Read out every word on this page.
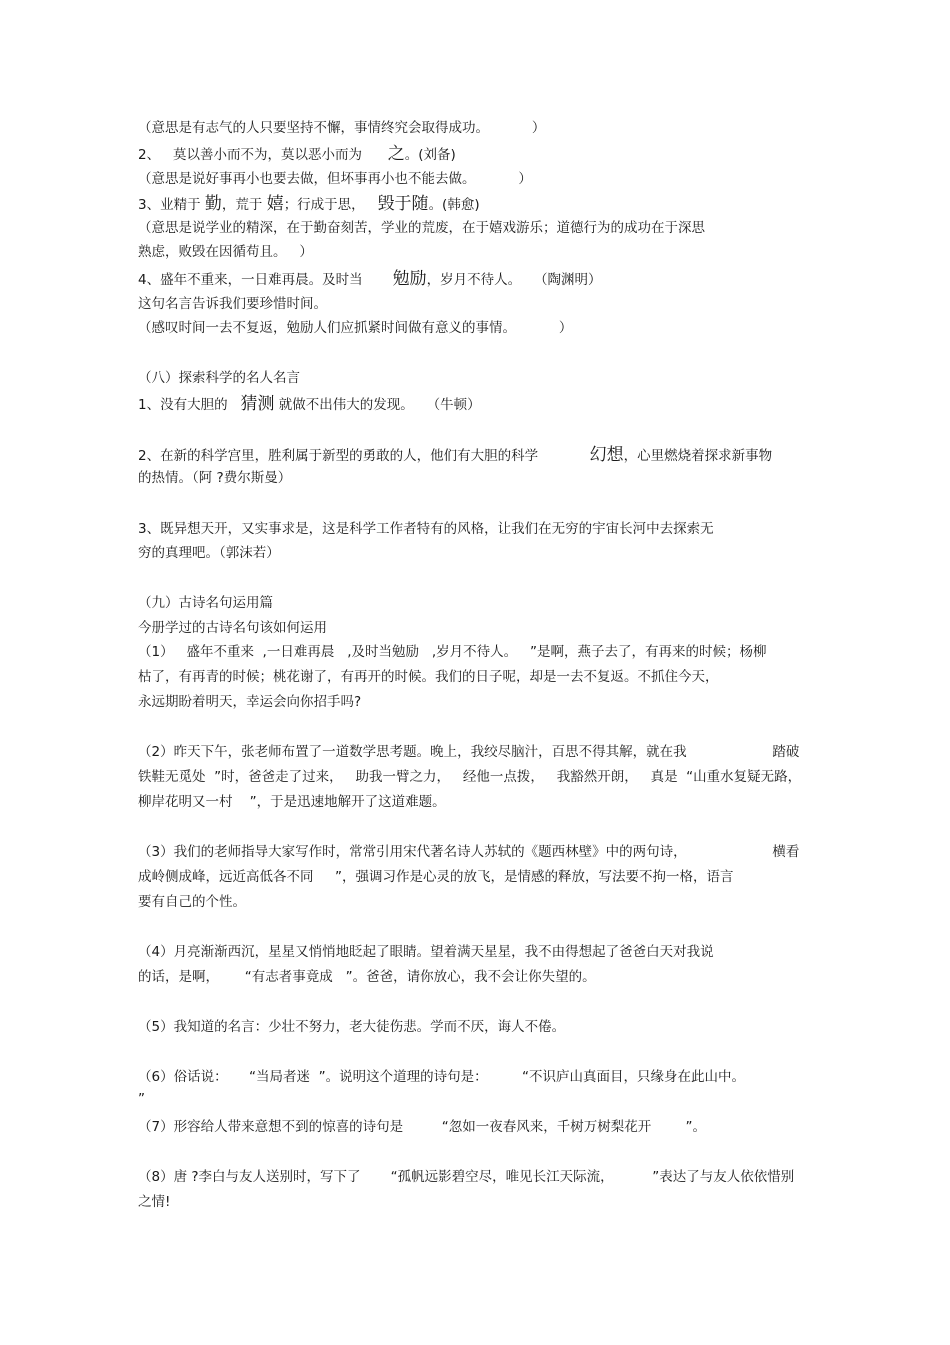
（意思是有志气的人只要坚持不懈，事情终究会取得成功。          ）
2、   莫以善小而不为，莫以恶小而为      之。(刘备)
（意思是说好事再小也要去做，但坏事再小也不能去做。          ）
3、业精于 勤，荒于 嬉；行成于思，   毁于随。(韩愈)
（意思是说学业的精深，在于勤奋刻苦，学业的荒废，在于嬉戏游乐；道德行为的成功在于深思
熟虑，败毁在因循苟且。   ）
4、盛年不重来，一日难再晨。及时当       勉励，岁月不待人。   （陶渊明）
这句名言告诉我们要珍惜时间。
（感叹时间一去不复返，勉励人们应抓紧时间做有意义的事情。          ）
（八）探索科学的名人名言
1、没有大胆的   猜测 就做不出伟大的发现。   （牛顿）
2、在新的科学宫里，胜利属于新型的勇敢的人，他们有大胆的科学            幻想，心里燃烧着探求新事物
的热情。（阿 ?费尔斯曼）
3、既异想天开，又实事求是，这是科学工作者特有的风格，让我们在无穷的宇宙长河中去探索无
穷的真理吧。（郭沫若）
（九）古诗名句运用篇
今册学过的古诗名句该如何运用
（1）   盛年不重来  ,一日难再晨   ,及时当勉励   ,岁月不待人。   ”是啊，燕子去了，有再来的时候；杨柳
枯了，有再青的时候；桃花谢了，有再开的时候。我们的日子呢，却是一去不复返。不抓住今天，
永远期盼着明天，幸运会向你招手吗?
（2）昨天下午，张老师布置了一道数学思考题。晚上，我绞尽脑汁，百思不得其解，就在我                    踏破
铁鞋无觅处  ”时，爸爸走了过来，   助我一臂之力，   经他一点拨，   我豁然开朗，   真是  “山重水复疑无路，
柳岸花明又一村    ”，于是迅速地解开了这道难题。
（3）我们的老师指导大家写作时，常常引用宋代著名诗人苏轼的《题西林壁》中的两句诗，                    横看
成岭侧成峰，远近高低各不同     ”，强调习作是心灵的放飞，是情感的释放，写法要不拘一格，语言
要有自己的个性。
（4）月亮渐渐西沉，星星又悄悄地眨起了眼睛。望着满天星星，我不由得想起了爸爸白天对我说
的话，是啊，      “有志者事竟成   ”。爸爸，请你放心，我不会让你失望的。
（5）我知道的名言：少壮不努力，老大徒伤悲。学而不厌，诲人不倦。
（6）俗话说：     “当局者迷  ”。说明这个道理的诗句是：        “不识庐山真面目，只缘身在此山中。
”
（7）形容给人带来意想不到的惊喜的诗句是         “忽如一夜春风来，千树万树梨花开        ”。
（8）唐 ?李白与友人送别时，写下了       “孤帆远影碧空尽，唯见长江天际流，         ”表达了与友人依依惜别
之情!
